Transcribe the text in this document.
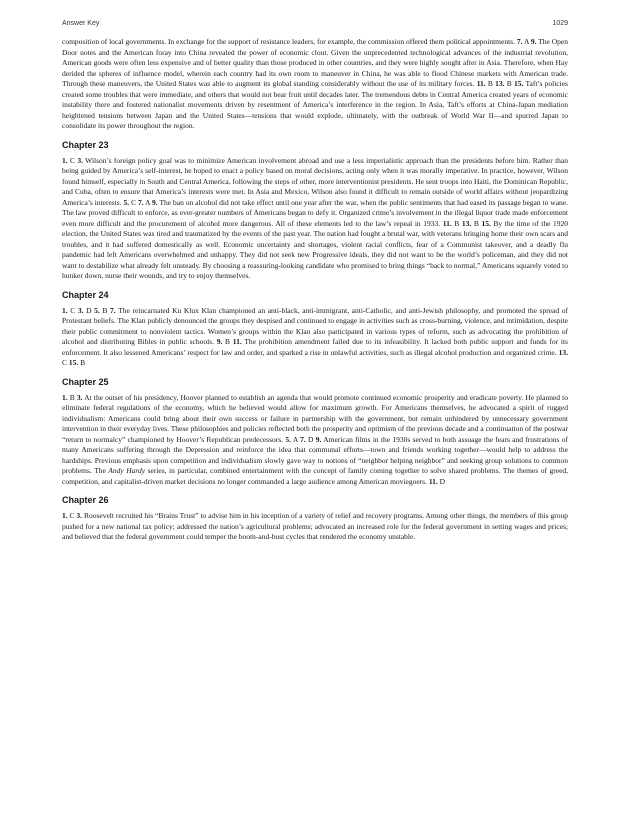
Answer Key	1029

composition of local governments. In exchange for the support of resistance leaders, for example, the commission offered them political appointments. 7. A 9. The Open Door notes and the American foray into China revealed the power of economic clout. Given the unprecedented technological advances of the industrial revolution, American goods were often less expensive and of better quality than those produced in other countries, and they were highly sought after in Asia. Therefore, when Hay derided the spheres of influence model, wherein each country had its own room to maneuver in China, he was able to flood Chinese markets with American trade. Through these maneuvers, the United States was able to augment its global standing considerably without the use of its military forces. 11. B 13. B 15. Taft’s policies created some troubles that were immediate, and others that would not bear fruit until decades later. The tremendous debts in Central America created years of economic instability there and fostered nationalist movements driven by resentment of America’s interference in the region. In Asia, Taft’s efforts at China-Japan mediation heightened tensions between Japan and the United States—tensions that would explode, ultimately, with the outbreak of World War II—and spurred Japan to consolidate its power throughout the region.

Chapter 23

1. C 3. Wilson’s foreign policy goal was to minimize American involvement abroad and use a less imperialistic approach than the presidents before him. Rather than being guided by America’s self-interest, he hoped to enact a policy based on moral decisions, acting only when it was morally imperative. In practice, however, Wilson found himself, especially in South and Central America, following the steps of other, more interventionist presidents. He sent troops into Haiti, the Dominican Republic, and Cuba, often to ensure that America’s interests were met. In Asia and Mexico, Wilson also found it difficult to remain outside of world affairs without jeopardizing America’s interests. 5. C 7. A 9. The ban on alcohol did not take effect until one year after the war, when the public sentiments that had eased its passage began to wane. The law proved difficult to enforce, as ever-greater numbers of Americans began to defy it. Organized crime’s involvement in the illegal liquor trade made enforcement even more difficult and the procurement of alcohol more dangerous. All of these elements led to the law’s repeal in 1933. 11. B 13. B 15. By the time of the 1920 election, the United States was tired and traumatized by the events of the past year. The nation had fought a brutal war, with veterans bringing home their own scars and troubles, and it had suffered domestically as well. Economic uncertainty and shortages, violent racial conflicts, fear of a Communist takeover, and a deadly flu pandemic had left Americans overwhelmed and unhappy. They did not seek new Progressive ideals, they did not want to be the world’s policeman, and they did not want to destabilize what already felt unsteady. By choosing a reassuring-looking candidate who promised to bring things “back to normal,” Americans squarely voted to hunker down, nurse their wounds, and try to enjoy themselves.

Chapter 24

1. C 3. D 5. B 7. The reincarnated Ku Klux Klan championed an anti-black, anti-immigrant, anti-Catholic, and anti-Jewish philosophy, and promoted the spread of Protestant beliefs. The Klan publicly denounced the groups they despised and continued to engage in activities such as cross-burning, violence, and intimidation, despite their public commitment to nonviolent tactics. Women’s groups within the Klan also participated in various types of reform, such as advocating the prohibition of alcohol and distributing Bibles in public schools. 9. B 11. The prohibition amendment failed due to its infeasibility. It lacked both public support and funds for its enforcement. It also lessened Americans’ respect for law and order, and sparked a rise in unlawful activities, such as illegal alcohol production and organized crime. 13. C 15. B

Chapter 25

1. B 3. At the outset of his presidency, Hoover planned to establish an agenda that would promote continued economic prosperity and eradicate poverty. He planned to eliminate federal regulations of the economy, which he believed would allow for maximum growth. For Americans themselves, he advocated a spirit of rugged individualism: Americans could bring about their own success or failure in partnership with the government, but remain unhindered by unnecessary government intervention in their everyday lives. These philosophies and policies reflected both the prosperity and optimism of the previous decade and a continuation of the postwar “return to normalcy” championed by Hoover’s Republican predecessors. 5. A 7. D 9. American films in the 1930s served to both assuage the fears and frustrations of many Americans suffering through the Depression and reinforce the idea that communal efforts—town and friends working together—would help to address the hardships. Previous emphasis upon competition and individualism slowly gave way to notions of “neighbor helping neighbor” and seeking group solutions to common problems. The Andy Hardy series, in particular, combined entertainment with the concept of family coming together to solve shared problems. The themes of greed, competition, and capitalist-driven market decisions no longer commanded a large audience among American moviegoers. 11. D

Chapter 26

1. C 3. Roosevelt recruited his “Brains Trust” to advise him in his inception of a variety of relief and recovery programs. Among other things, the members of this group pushed for a new national tax policy; addressed the nation’s agricultural problems; advocated an increased role for the federal government in setting wages and prices; and believed that the federal government could temper the boom-and-bust cycles that rendered the economy unstable.
